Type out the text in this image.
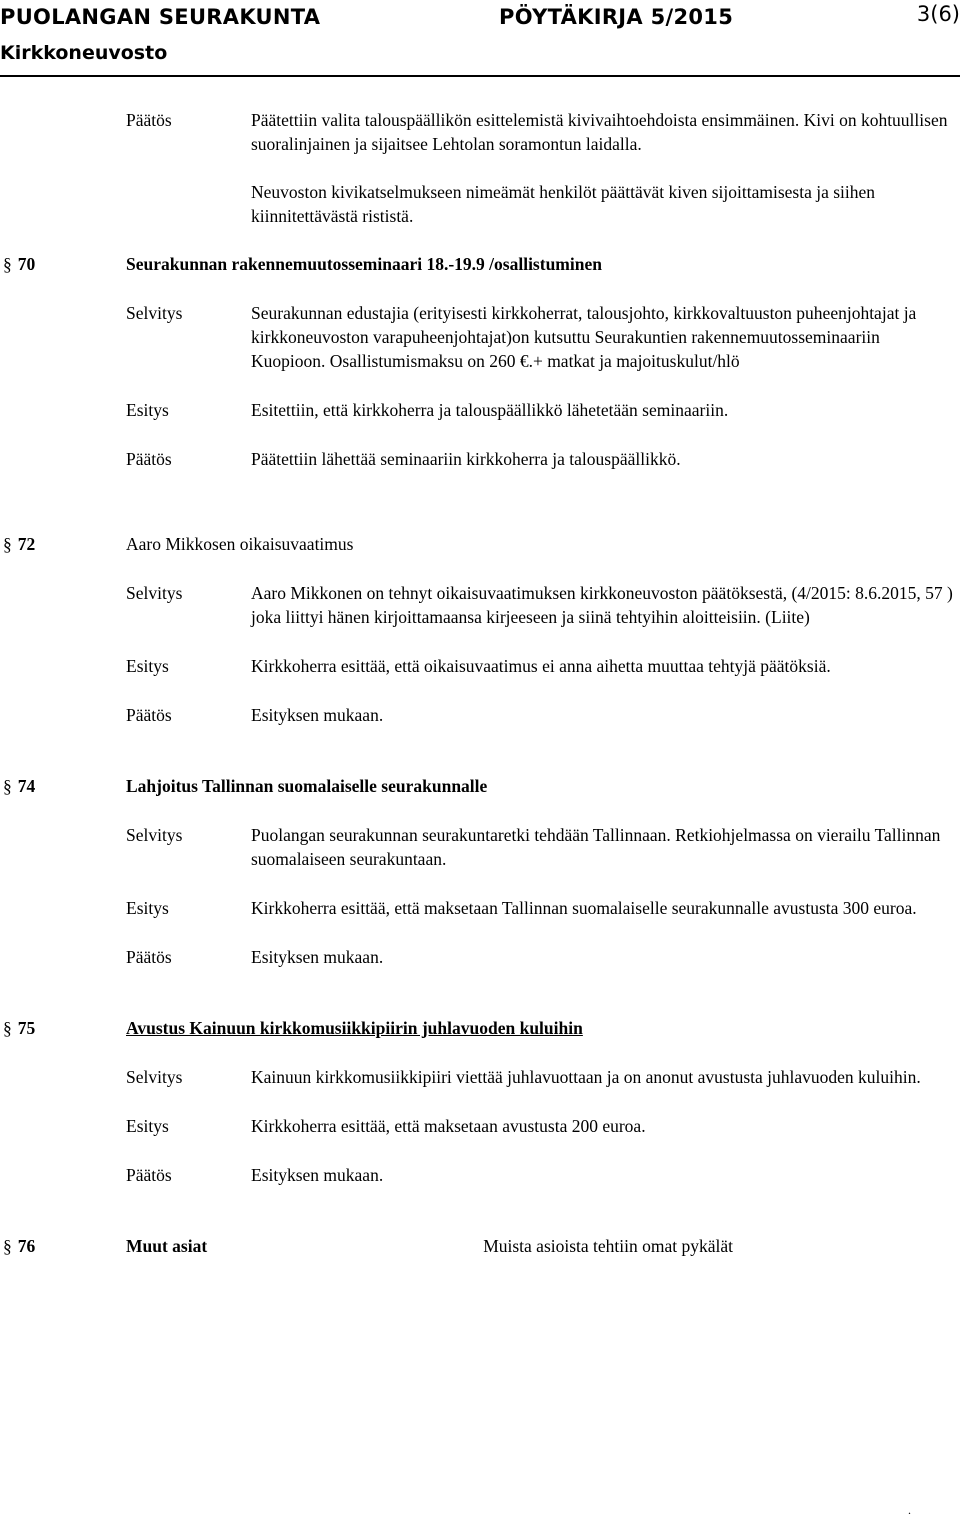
PUOLANGAN SEURAKUNTA	PÖYTÄKIRJA 5/2015	3(6)
Kirkkoneuvosto
Päätös	Päätettiin valita talouspäällikön esittelemistä kivivaihtoehdoista ensimmäinen. Kivi on kohtuullisen suoralinjainen ja sijaitsee Lehtolan soramontun laidalla.
Neuvoston kivikatselmukseen nimeämät henkilöt päättävät kiven sijoittamisesta ja siihen kiinnitettävästä rististä.
§ 70	Seurakunnan rakennemuutosseminaari 18.-19.9 /osallistuminen
Selvitys	Seurakunnan edustajia (erityisesti kirkkoherrat, talousjohto, kirkkovaltuuston puheenjohtajat ja kirkkoneuvoston varapuheenjohtajat)on kutsuttu Seurakuntien rakennemuutosseminaariin Kuopioon. Osallistumismaksu on 260 €.+ matkat ja majoituskulut/hlö
Esitys	Esitettiin, että kirkkoherra ja talouspäällikkö lähetetään seminaariin.
Päätös	Päätettiin lähettää seminaariin kirkkoherra ja talouspäällikkö.
§ 72	Aaro Mikkosen oikaisuvaatimus
Selvitys	Aaro Mikkonen on tehnyt oikaisuvaatimuksen kirkkoneuvoston päätöksestä, (4/2015: 8.6.2015, 57 ) joka liittyi hänen kirjoittamaansa kirjeeseen ja siinä tehtyihin aloitteisiin. (Liite)
Esitys	Kirkkoherra esittää, että oikaisuvaatimus ei anna aihetta muuttaa tehtyjä päätöksiä.
Päätös	Esityksen mukaan.
§ 74	Lahjoitus Tallinnan suomalaiselle seurakunnalle
Selvitys	Puolangan seurakunnan seurakuntaretki tehdään Tallinnaan. Retkiohjelmassa on vierailu Tallinnan suomalaiseen seurakuntaan.
Esitys	Kirkkoherra esittää, että maksetaan Tallinnan suomalaiselle seurakunnalle avustusta 300 euroa.
Päätös	Esityksen mukaan.
§ 75	Avustus Kainuun kirkkomusiikkipiirin juhlavuoden kuluihin
Selvitys	Kainuun kirkkomusiikkipiiri viettää juhlavuottaan ja on anonut avustusta juhlavuoden kuluihin.
Esitys	Kirkkoherra esittää, että maksetaan avustusta 200 euroa.
Päätös	Esityksen mukaan.
§ 76	Muut asiat	Muista asioista tehtiin omat pykälät
.
